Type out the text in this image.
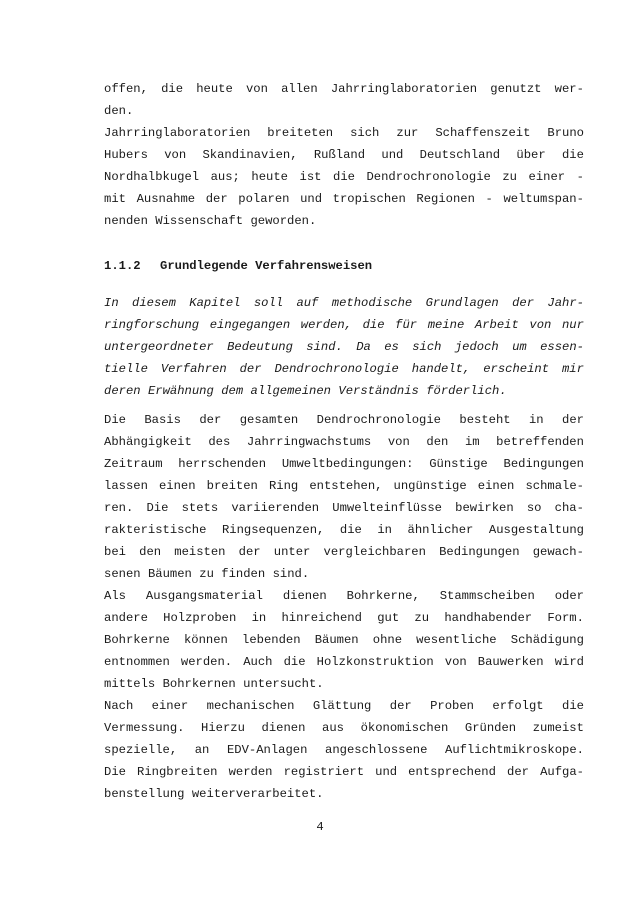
offen, die heute von allen Jahrringlaboratorien genutzt wer-
den.
Jahrringlaboratorien breiteten sich zur Schaffenszeit Bruno
Hubers von Skandinavien, Rußland und Deutschland über die
Nordhalbkugel aus; heute ist die Dendrochronologie zu einer -
mit Ausnahme der polaren und tropischen Regionen - weltumspan-
nenden Wissenschaft geworden.
1.1.2 Grundlegende Verfahrensweisen
In diesem Kapitel soll auf methodische Grundlagen der Jahr-
ringforschung eingegangen werden, die für meine Arbeit von nur
untergeordneter Bedeutung sind. Da es sich jedoch um essen-
tielle Verfahren der Dendrochronologie handelt, erscheint mir
deren Erwähnung dem allgemeinen Verständnis förderlich.
Die Basis der gesamten Dendrochronologie besteht in der
Abhängigkeit des Jahrringwachstums von den im betreffenden
Zeitraum herrschenden Umweltbedingungen: Günstige Bedingungen
lassen einen breiten Ring entstehen, ungünstige einen schmale-
ren. Die stets variierenden Umwelteinflüsse bewirken so cha-
rakteristische Ringsequenzen, die in ähnlicher Ausgestaltung
bei den meisten der unter vergleichbaren Bedingungen gewach-
senen Bäumen zu finden sind.
Als Ausgangsmaterial dienen Bohrkerne, Stammscheiben oder
andere Holzproben in hinreichend gut zu handhabender Form.
Bohrkerne können lebenden Bäumen ohne wesentliche Schädigung
entnommen werden. Auch die Holzkonstruktion von Bauwerken wird
mittels Bohrkernen untersucht.
Nach einer mechanischen Glättung der Proben erfolgt die
Vermessung. Hierzu dienen aus ökonomischen Gründen zumeist
spezielle, an EDV-Anlagen angeschlossene Auflichtmikroskope.
Die Ringbreiten werden registriert und entsprechend der Aufga-
benstellung weiterverarbeitet.
4
